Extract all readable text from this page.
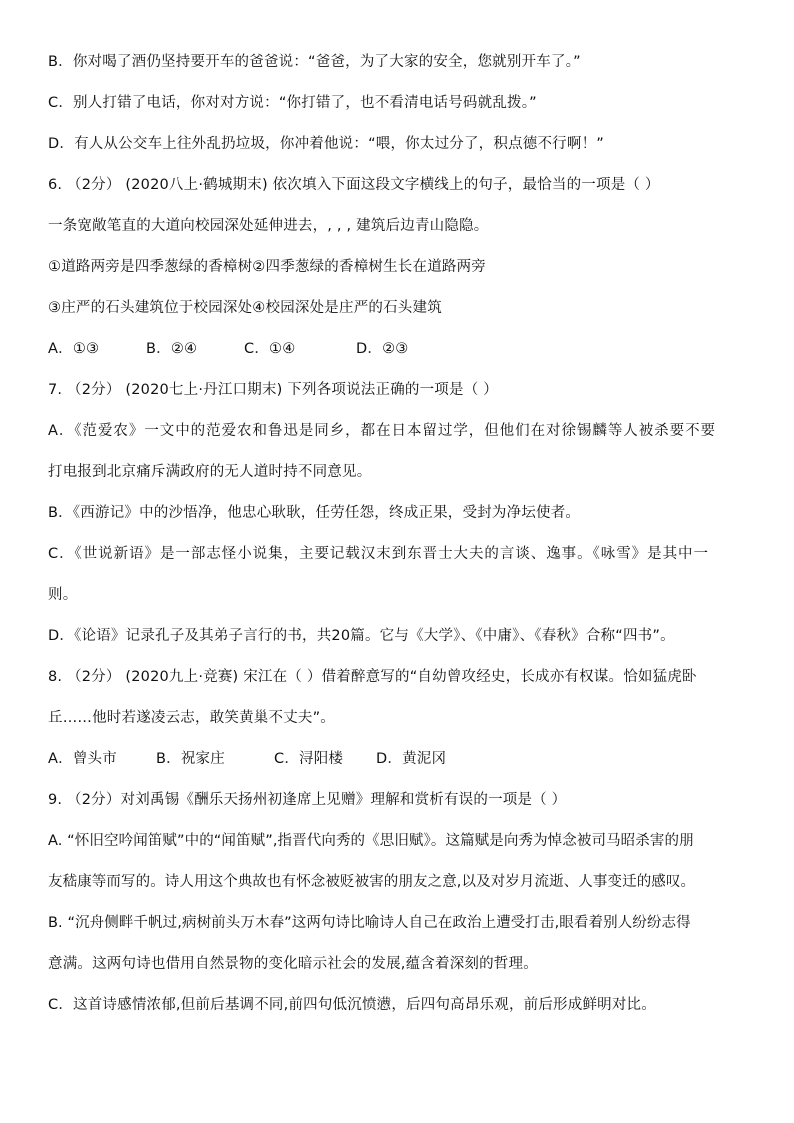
B．你对喝了酒仍坚持要开车的爸爸说：“爸爸，为了大家的安全，您就别开车了。”
C．别人打错了电话，你对对方说：“你打错了，也不看清电话号码就乱拨。”
D．有人从公交车上往外乱扔垃圾，你冲着他说：“喂，你太过分了，积点德不行啊！”
6. （2分） (2020八上·鹤城期末) 依次填入下面这段文字横线上的句子，最恰当的一项是（ ）
一条宽敞笔直的大道向校园深处延伸进去，, , , 建筑后边青山隐隐。
①道路两旁是四季葱绿的香樟树②四季葱绿的香樟树生长在道路两旁
③庄严的石头建筑位于校园深处④校园深处是庄严的石头建筑
A．①③	B．②④	C．①④	D．②③
7. （2分） (2020七上·丹江口期末) 下列各项说法正确的一项是（ ）
A．《范爱农》一文中的范爱农和鲁迅是同乡，都在日本留过学，但他们在对徐锡麟等人被杀要不要
打电报到北京痛斥满政府的无人道时持不同意见。
B．《西游记》中的沙悟净，他忠心耿耿，任劳任怨，终成正果，受封为净坛使者。
C．《世说新语》是一部志怪小说集，主要记载汉末到东晋士大夫的言谈、逸事。《咏雪》是其中一
则。
D．《论语》记录孔子及其弟子言行的书，共20篇。它与《大学》、《中庸》、《春秋》合称“四书”。
8. （2分） (2020九上·竞赛) 宋江在（ ）借着醉意写的“自幼曾攻经史，长成亦有权谋。恰如猛虎卧
丘……他时若遂凌云志，敢笑黄巢不丈夫”。
A．曾头市	B．祝家庄	C．浔阳楼 D．黄泥冈
9. （2分）对刘禹锡《酬乐天扬州初逢席上见赠》理解和赏析有误的一项是（ ）
A. “怀旧空吟闻笛赋”中的“闻笛赋”,指晋代向秀的《思旧赋》。这篇赋是向秀为悼念被司马昭杀害的朋
友嵇康等而写的。诗人用这个典故也有怀念被贬被害的朋友之意,以及对岁月流逝、人事变迁的感叹。
B. “沉舟侧畔千帆过,病树前头万木春”这两句诗比喻诗人自己在政治上遭受打击,眼看着别人纷纷志得
意满。这两句诗也借用自然景物的变化暗示社会的发展,蕴含着深刻的哲理。
C．这首诗感情浓郁,但前后基调不同,前四句低沉愤懑，后四句高昂乐观，前后形成鲜明对比。
